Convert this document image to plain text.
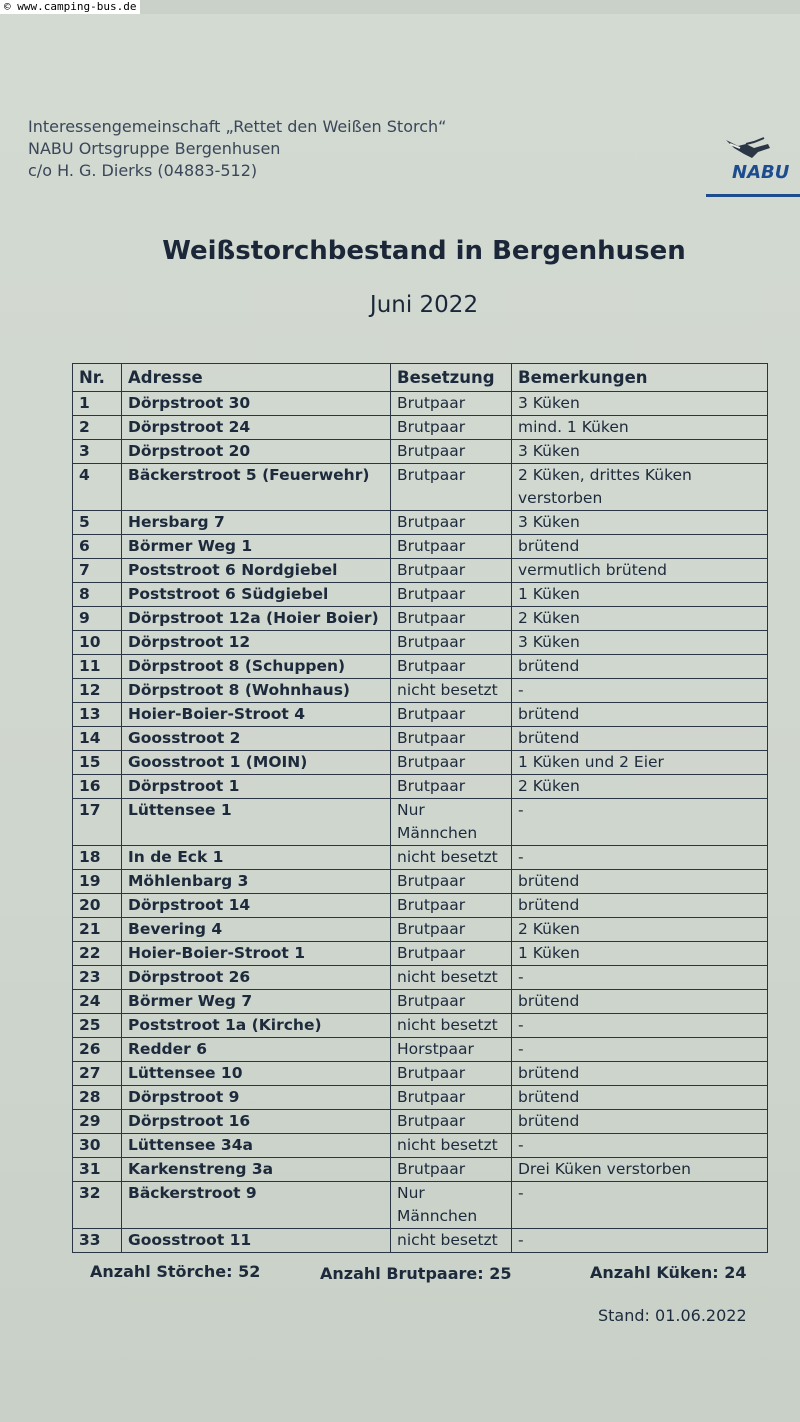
© www.camping-bus.de
Interessengemeinschaft „Rettet den Weißen Storch“
NABU Ortsgruppe Bergenhusen
c/o H. G. Dierks (04883-512)	NABU
Weißstorchbestand in Bergenhusen
Juni 2022
Nr.	Adresse	Besetzung	Bemerkungen
1	Dörpstroot 30	Brutpaar	3 Küken
2	Dörpstroot 24	Brutpaar	mind. 1 Küken
3	Dörpstroot 20	Brutpaar	3 Küken
4	Bäckerstroot 5 (Feuerwehr)	Brutpaar	2 Küken, drittes Küken verstorben
5	Hersbarg 7	Brutpaar	3 Küken
6	Börmer Weg 1	Brutpaar	brütend
7	Poststroot 6 Nordgiebel	Brutpaar	vermutlich brütend
8	Poststroot 6 Südgiebel	Brutpaar	1 Küken
9	Dörpstroot 12a (Hoier Boier)	Brutpaar	2 Küken
10	Dörpstroot 12	Brutpaar	3 Küken
11	Dörpstroot 8 (Schuppen)	Brutpaar	brütend
12	Dörpstroot 8 (Wohnhaus)	nicht besetzt	-
13	Hoier-Boier-Stroot 4	Brutpaar	brütend
14	Goosstroot 2	Brutpaar	brütend
15	Goosstroot 1 (MOIN)	Brutpaar	1 Küken und 2 Eier
16	Dörpstroot 1	Brutpaar	2 Küken
17	Lüttensee 1	Nur Männchen	-
18	In de Eck 1	nicht besetzt	-
19	Möhlenbarg 3	Brutpaar	brütend
20	Dörpstroot 14	Brutpaar	brütend
21	Bevering 4	Brutpaar	2 Küken
22	Hoier-Boier-Stroot 1	Brutpaar	1 Küken
23	Dörpstroot 26	nicht besetzt	-
24	Börmer Weg 7	Brutpaar	brütend
25	Poststroot 1a (Kirche)	nicht besetzt	-
26	Redder 6	Horstpaar	-
27	Lüttensee 10	Brutpaar	brütend
28	Dörpstroot 9	Brutpaar	brütend
29	Dörpstroot 16	Brutpaar	brütend
30	Lüttensee 34a	nicht besetzt	-
31	Karkenstreng 3a	Brutpaar	Drei Küken verstorben
32	Bäckerstroot 9	Nur Männchen	-
33	Goosstroot 11	nicht besetzt	-
Anzahl Störche: 52	Anzahl Brutpaare: 25	Anzahl Küken: 24
Stand: 01.06.2022
